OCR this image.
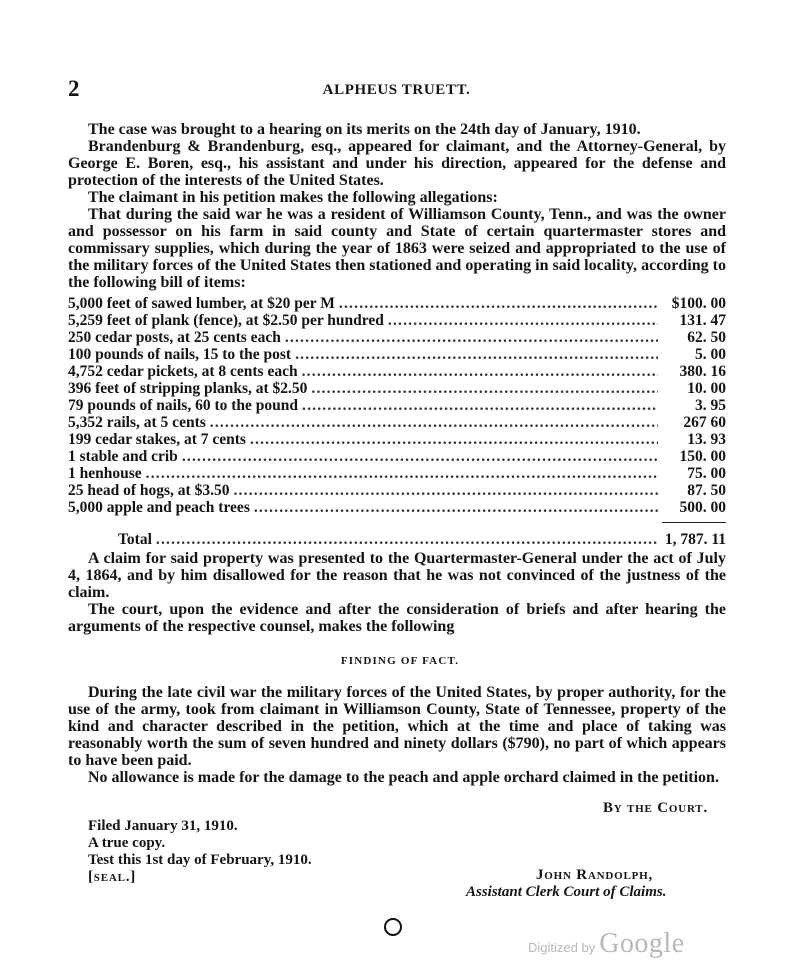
2	ALPHEUS TRUETT.

The case was brought to a hearing on its merits on the 24th day of January, 1910.

Brandenburg & Brandenburg, esq., appeared for claimant, and the Attorney-General, by George E. Boren, esq., his assistant and under his direction, appeared for the defense and protection of the interests of the United States.

The claimant in his petition makes the following allegations:

That during the said war he was a resident of Williamson County, Tenn., and was the owner and possessor on his farm in said county and State of certain quartermaster stores and commissary supplies, which during the year of 1863 were seized and appropriated to the use of the military forces of the United States then stationed and operating in said locality, according to the following bill of items:

5,000 feet of sawed lumber, at $20 per M .....	$100. 00
5,259 feet of plank (fence), at $2.50 per hundred .....	131. 47
250 cedar posts, at 25 cents each .....	62. 50
100 pounds of nails, 15 to the post .....	5. 00
4,752 cedar pickets, at 8 cents each .....	380. 16
396 feet of stripping planks, at $2.50 .....	10. 00
79 pounds of nails, 60 to the pound .....	3. 95
5,352 rails, at 5 cents .....	267 60
199 cedar stakes, at 7 cents .....	13. 93
1 stable and crib .....	150. 00
1 henhouse .....	75. 00
25 head of hogs, at $3.50 .....	87. 50
5,000 apple and peach trees .....	500. 00
Total .....	1, 787. 11

A claim for said property was presented to the Quartermaster-General under the act of July 4, 1864, and by him disallowed for the reason that he was not convinced of the justness of the claim.

The court, upon the evidence and after the consideration of briefs and after hearing the arguments of the respective counsel, makes the following

FINDING OF FACT.

During the late civil war the military forces of the United States, by proper authority, for the use of the army, took from claimant in Williamson County, State of Tennessee, property of the kind and character described in the petition, which at the time and place of taking was reasonably worth the sum of seven hundred and ninety dollars ($790), no part of which appears to have been paid.

No allowance is made for the damage to the peach and apple orchard claimed in the petition.

By the Court.
Filed January 31, 1910.
A true copy.
Test this 1st day of February, 1910.
[seal.]	John Randolph,
Assistant Clerk Court of Claims.
Digitized by Google
